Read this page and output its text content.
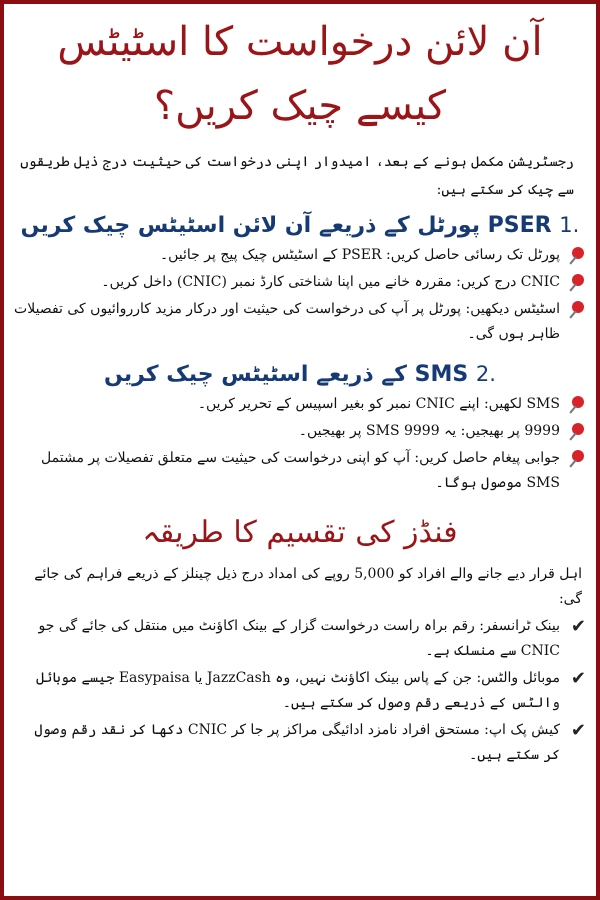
آن لائن درخواست کا اسٹیٹس کیسے چیک کریں؟
رجسٹریشن مکمل ہونے کے بعد، امیدوار اپنی درخواست کی حیثیت درج ذیل طریقوں سے چیک کر سکتے ہیں:
.1 PSER پورٹل کے ذریعے آن لائن اسٹیٹس چیک کریں
پورٹل تک رسائی حاصل کریں: PSER کے اسٹیٹس چیک پیج پر جائیں۔
CNIC درج کریں: مقررہ خانے میں اپنا شناختی کارڈ نمبر (CNIC) داخل کریں۔
اسٹیٹس دیکھیں: پورٹل پر آپ کی درخواست کی حیثیت اور درکار مزید کارروائیوں کی تفصیلات ظاہر ہوں گی۔
.2 SMS کے ذریعے اسٹیٹس چیک کریں
SMS لکھیں: اپنے CNIC نمبر کو بغیر اسپیس کے تحریر کریں۔
9999 پر بھیجیں: یہ SMS 9999 پر بھیجیں۔
جوابی پیغام حاصل کریں: آپ کو اپنی درخواست کی حیثیت سے متعلق تفصیلات پر مشتمل SMS موصول ہوگا۔
فنڈز کی تقسیم کا طریقہ
اہل قرار دیے جانے والے افراد کو 5,000 روپے کی امداد درج ذیل چینلز کے ذریعے فراہم کی جائے گی:
✔
بینک ٹرانسفر: رقم براہ راست درخواست گزار کے بینک اکاؤنٹ میں منتقل کی جائے گی جو CNIC سے منسلک ہے۔
✔
موبائل والٹس: جن کے پاس بینک اکاؤنٹ نہیں، وہ JazzCash یا Easypaisa جیسے موبائل والٹس کے ذریعے رقم وصول کر سکتے ہیں۔
✔
کیش پک اپ: مستحق افراد نامزد ادائیگی مراکز پر جا کر CNIC دکھا کر نقد رقم وصول کر سکتے ہیں۔
